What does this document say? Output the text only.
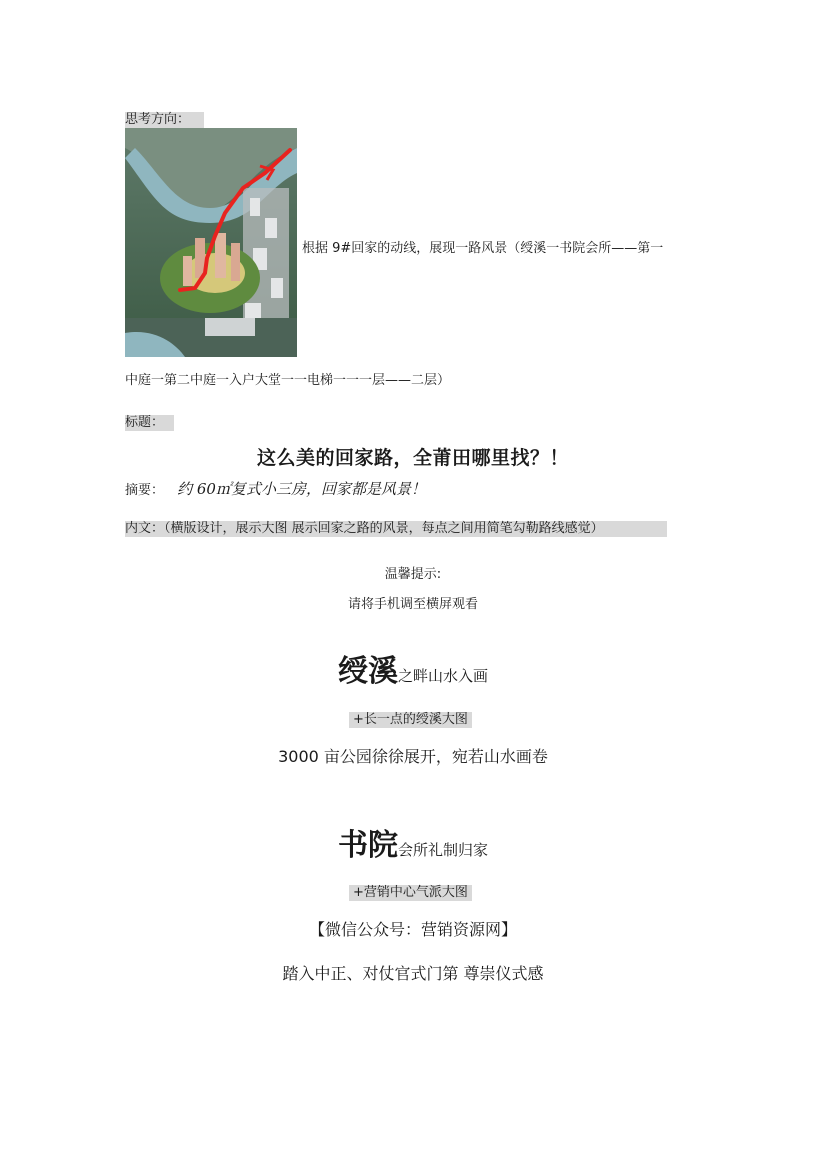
思考方向：
根据 9#回家的动线，展现一路风景（绶溪一书院会所——第一
中庭一第二中庭一入户大堂一一电梯一一一层——二层）
标题：
这么美的回家路，全莆田哪里找？！
摘要： 约 60㎡复式小三房，回家都是风景！
内文：（横版设计，展示大图 展示回家之路的风景，每点之间用简笔勾勒路线感觉）
温馨提示:
请将手机调至横屏观看
绶溪之畔山水入画
+长一点的绶溪大图
3000 亩公园徐徐展开，宛若山水画卷
书院会所礼制归家
+营销中心气派大图
【微信公众号：营销资源网】
踏入中正、对仗官式门第 尊崇仪式感
